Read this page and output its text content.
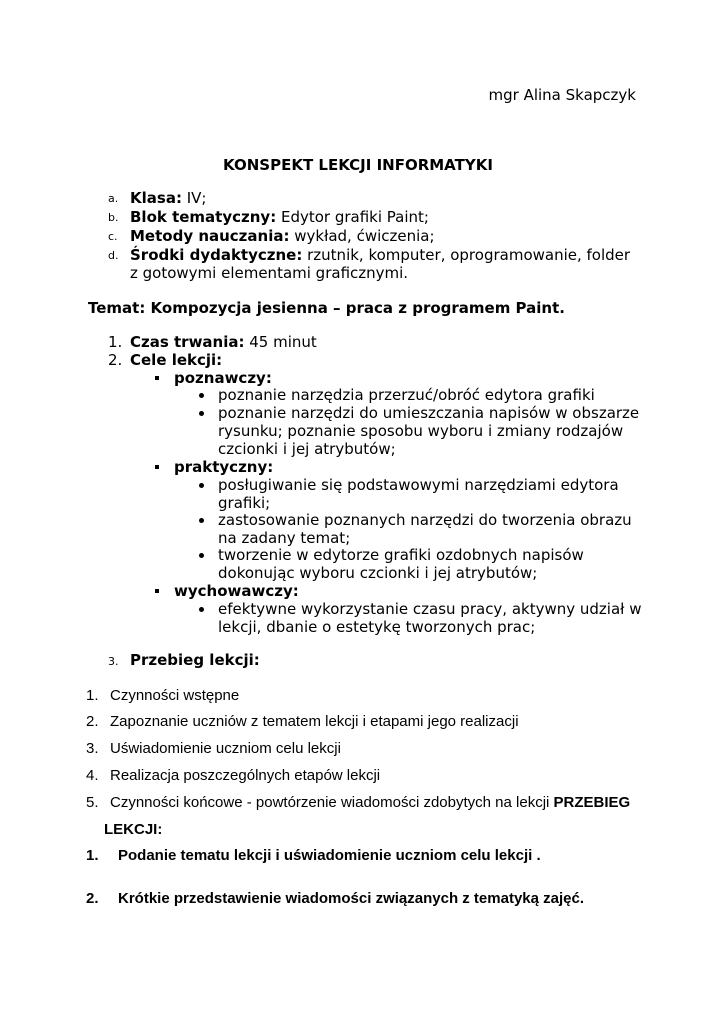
mgr Alina Skapczyk
KONSPEKT LEKCJI INFORMATYKI
a. Klasa: IV;
b. Blok tematyczny: Edytor grafiki Paint;
c. Metody nauczania: wykład, ćwiczenia;
d. Środki dydaktyczne: rzutnik, komputer, oprogramowanie, folder
z gotowymi elementami graficznymi.
Temat: Kompozycja jesienna – praca z programem Paint.
1. Czas trwania: 45 minut
2. Cele lekcji:
poznawczy:
poznanie narzędzia przerzuć/obróć edytora grafiki
poznanie narzędzi do umieszczania napisów w obszarze
rysunku; poznanie sposobu wyboru i zmiany rodzajów
czcionki i jej atrybutów;
praktyczny:
posługiwanie się podstawowymi narzędziami edytora
grafiki;
zastosowanie poznanych narzędzi do tworzenia obrazu
na zadany temat;
tworzenie w edytorze grafiki ozdobnych napisów
dokonując wyboru czcionki i jej atrybutów;
wychowawczy:
efektywne wykorzystanie czasu pracy, aktywny udział w
lekcji, dbanie o estetykę tworzonych prac;
3. Przebieg lekcji:
1. Czynności wstępne
2. Zapoznanie uczniów z tematem lekcji i etapami jego realizacji
3. Uświadomienie uczniom celu lekcji
4. Realizacja poszczególnych etapów lekcji
5. Czynności końcowe - powtórzenie wiadomości zdobytych na lekcji PRZEBIEG
LEKCJI:
1. Podanie tematu lekcji i uświadomienie uczniom celu lekcji .
2. Krótkie przedstawienie wiadomości związanych z tematyką zajęć.
